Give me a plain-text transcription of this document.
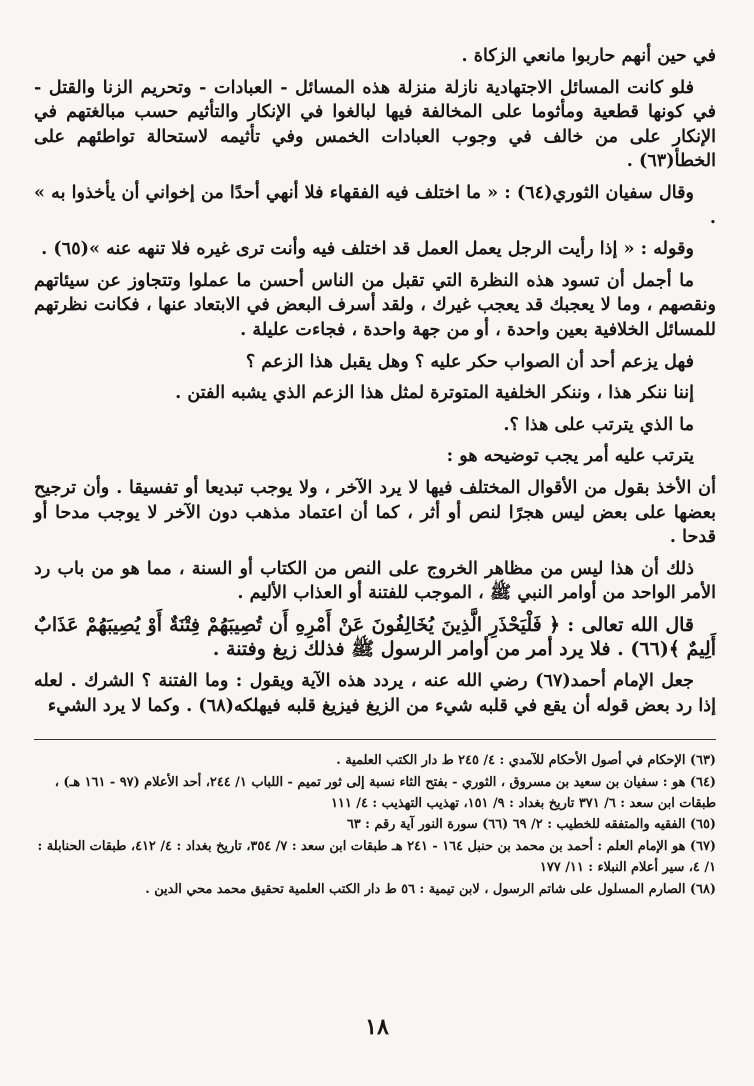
في حين أنهم حاربوا مانعي الزكاة .

فلو كانت المسائل الاجتهادية نازلة منزلة هذه المسائل - العبادات - وتحريم الزنا والقتل - في كونها قطعية ومأثوما على المخالفة فيها لبالغوا في الإنكار والتأثيم حسب مبالغتهم في الإنكار على من خالف في وجوب العبادات الخمس وفي تأثيمه لاستحالة تواطئهم على الخطأ(٦٣) .

وقال سفيان الثوري(٦٤) : « ما اختلف فيه الفقهاء فلا أنهي أحدًا من إخواني أن يأخذوا به » .

وقوله : « إذا رأيت الرجل يعمل العمل قد اختلف فيه وأنت ترى غيره فلا تنهه عنه »(٦٥) .

ما أجمل أن تسود هذه النظرة التي تقبل من الناس أحسن ما عملوا وتتجاوز عن سيئاتهم ونقصهم ، وما لا يعجبك قد يعجب غيرك ، ولقد أسرف البعض في الابتعاد عنها ، فكانت نظرتهم للمسائل الخلافية بعين واحدة ، أو من جهة واحدة ، فجاءت عليلة .

فهل يزعم أحد أن الصواب حكر عليه ؟ وهل يقبل هذا الزعم ؟

إننا ننكر هذا ، وننكر الخلفية المتوترة لمثل هذا الزعم الذي يشبه الفتن .

ما الذي يترتب على هذا ؟.

يترتب عليه أمر يجب توضيحه هو :

أن الأخذ بقول من الأقوال المختلف فيها لا يرد الآخر ، ولا يوجب تبديعا أو تفسيقا . وأن ترجيح بعضها على بعض ليس هجرًا لنص أو أثر ، كما أن اعتماد مذهب دون الآخر لا يوجب مدحا أو قدحا .

ذلك أن هذا ليس من مظاهر الخروج على النص من الكتاب أو السنة ، مما هو من باب رد الأمر الواحد من أوامر النبي ﷺ ، الموجب للفتنة أو العذاب الأليم .

قال الله تعالى : ﴿ فَلْيَحْذَرِ الَّذِينَ يُخَالِفُونَ عَنْ أَمْرِهِ أَن تُصِيبَهُمْ فِتْنَةٌ أَوْ يُصِيبَهُمْ عَذَابٌ أَلِيمٌ ﴾(٦٦) . فلا يرد أمر من أوامر الرسول ﷺ فذلك زيغ وفتنة .

جعل الإمام أحمد(٦٧) رضي الله عنه ، يردد هذه الآية ويقول : وما الفتنة ؟ الشرك . لعله إذا رد بعض قوله أن يقع في قلبه شيء من الزيغ فيزيغ قلبه فيهلكه(٦٨) . وكما لا يرد الشيء

(٦٣) الإحكام في أصول الأحكام للآمدي : ٤/ ٢٤٥ ط دار الكتب العلمية .

(٦٤) هو : سفيان بن سعيد بن مسروق ، الثوري - بفتح الثاء نسبة إلى ثور تميم - اللباب ١/ ٢٤٤، أحد الأعلام (٩٧ - ١٦١ هـ) ، طبقات ابن سعد : ٦/ ٣٧١ تاريخ بغداد : ٩/ ١٥١، تهذيب التهذيب : ٤/ ١١١

(٦٥) الفقيه والمتفقه للخطيب : ٢/ ٦٩ (٦٦) سورة النور آية رقم : ٦٣

(٦٧) هو الإمام العلم : أحمد بن محمد بن حنبل ١٦٤ - ٢٤١ هـ طبقات ابن سعد : ٧/ ٣٥٤، تاريخ بغداد : ٤/ ٤١٢، طبقات الحنابلة : ١/ ٤، سير أعلام النبلاء : ١١/ ١٧٧

(٦٨) الصارم المسلول على شاتم الرسول ، لابن تيمية : ٥٦ ط دار الكتب العلمية تحقيق محمد محي الدين .

١٨
